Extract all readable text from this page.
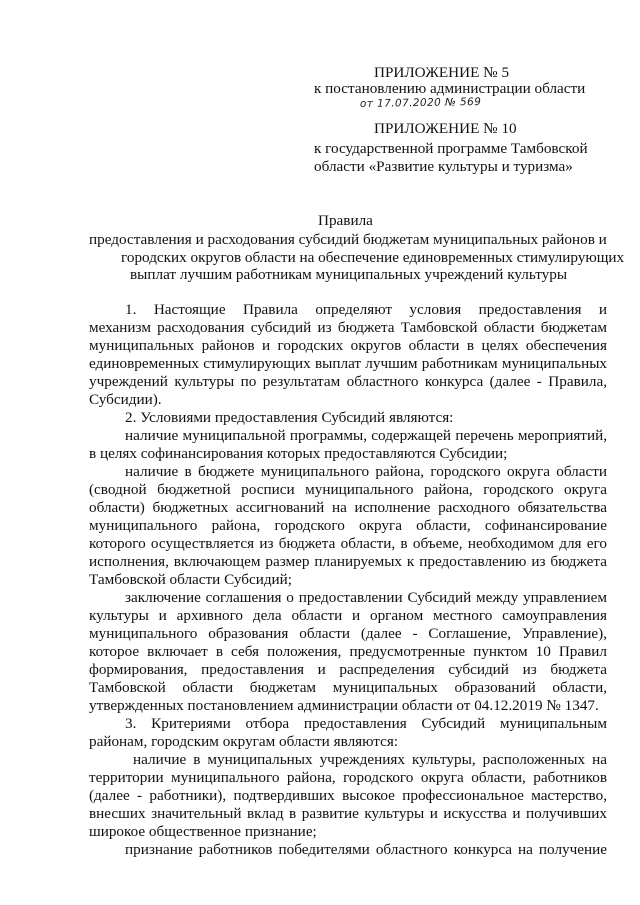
ПРИЛОЖЕНИЕ № 5
к постановлению администрации области
от 17.07.2020 № 569
ПРИЛОЖЕНИЕ № 10
к государственной программе Тамбовской
области «Развитие культуры и туризма»
Правила
предоставления и расходования субсидий бюджетам муниципальных районов и
городских округов области на обеспечение единовременных стимулирующих
выплат лучшим работникам муниципальных учреждений культуры
1. Настоящие Правила определяют условия предоставления и
механизм расходования субсидий из бюджета Тамбовской области бюджетам
муниципальных районов и городских округов области в целях обеспечения
единовременных стимулирующих выплат лучшим работникам муниципальных
учреждений культуры по результатам областного конкурса (далее - Правила,
Субсидии).
2. Условиями предоставления Субсидий являются:
наличие муниципальной программы, содержащей перечень мероприятий,
в целях софинансирования которых предоставляются Субсидии;
наличие в бюджете муниципального района, городского округа области
(сводной бюджетной росписи муниципального района, городского округа
области) бюджетных ассигнований на исполнение расходного обязательства
муниципального района, городского округа области, софинансирование
которого осуществляется из бюджета области, в объеме, необходимом для его
исполнения, включающем размер планируемых к предоставлению из бюджета
Тамбовской области Субсидий;
заключение соглашения о предоставлении Субсидий между управлением
культуры и архивного дела области и органом местного самоуправления
муниципального образования области (далее - Соглашение, Управление),
которое включает в себя положения, предусмотренные пунктом 10 Правил
формирования, предоставления и распределения субсидий из бюджета
Тамбовской области бюджетам муниципальных образований области,
утвержденных постановлением администрации области от 04.12.2019 № 1347.
3. Критериями отбора предоставления Субсидий муниципальным
районам, городским округам области являются:
наличие в муниципальных учреждениях культуры, расположенных на
территории муниципального района, городского округа области, работников
(далее - работники), подтвердивших высокое профессиональное мастерство,
внесших значительный вклад в развитие культуры и искусства и получивших
широкое общественное признание;
признание работников победителями областного конкурса на получение
